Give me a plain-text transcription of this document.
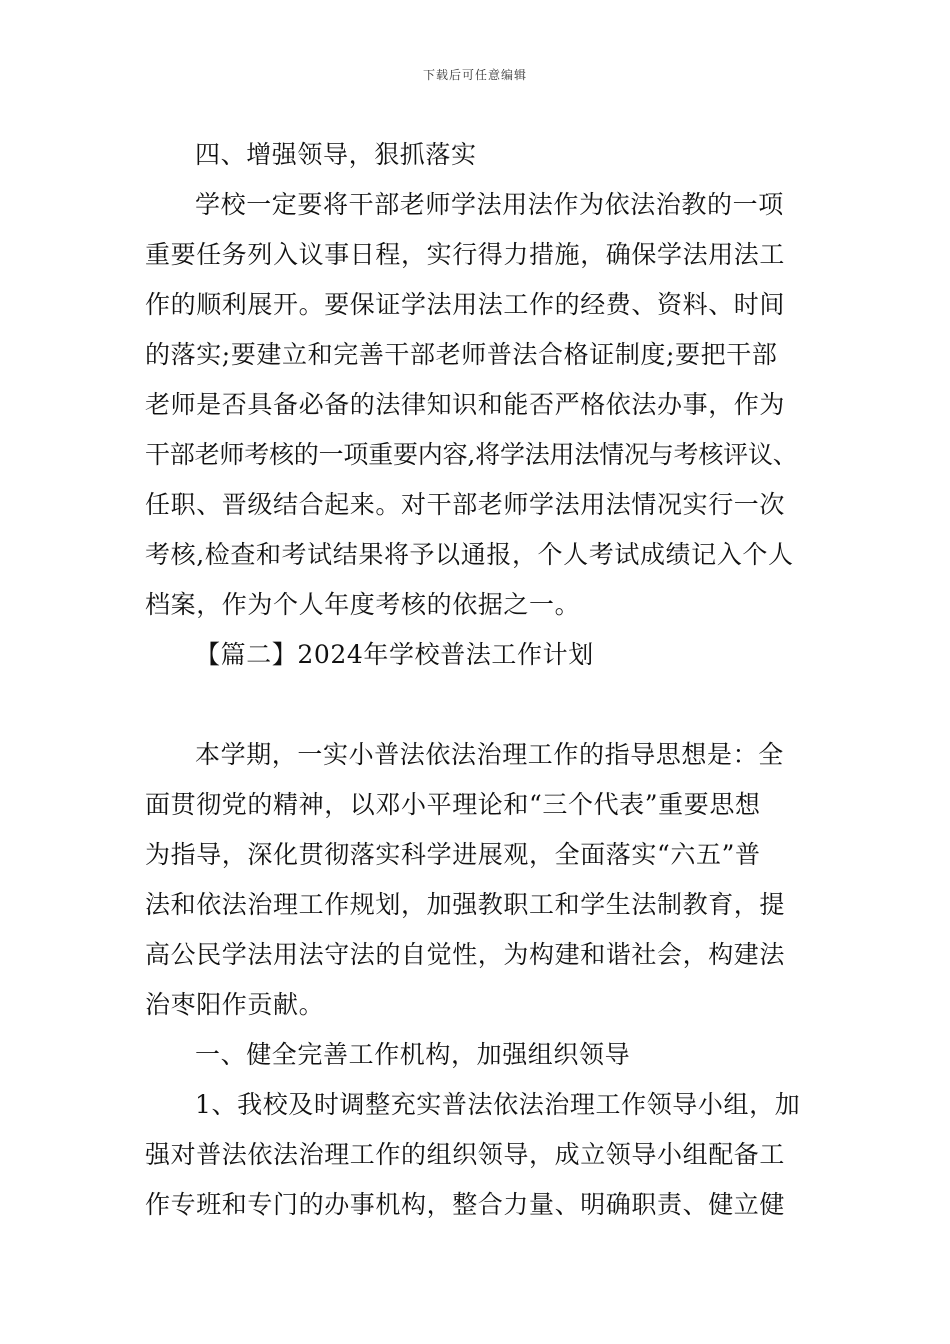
下载后可任意编辑

四、增强领导，狠抓落实

学校一定要将干部老师学法用法作为依法治教的一项
重要任务列入议事日程，实行得力措施，确保学法用法工
作的顺利展开。要保证学法用法工作的经费、资料、时间
的落实;要建立和完善干部老师普法合格证制度;要把干部
老师是否具备必备的法律知识和能否严格依法办事，作为
干部老师考核的一项重要内容,将学法用法情况与考核评议、
任职、晋级结合起来。对干部老师学法用法情况实行一次
考核,检查和考试结果将予以通报，个人考试成绩记入个人
档案，作为个人年度考核的依据之一。

【篇二】2024年学校普法工作计划

本学期，一实小普法依法治理工作的指导思想是：全
面贯彻党的精神，以邓小平理论和“三个代表”重要思想
为指导，深化贯彻落实科学进展观，全面落实“六五”普
法和依法治理工作规划，加强教职工和学生法制教育，提
高公民学法用法守法的自觉性，为构建和谐社会，构建法
治枣阳作贡献。

一、健全完善工作机构，加强组织领导

1、我校及时调整充实普法依法治理工作领导小组，加
强对普法依法治理工作的组织领导，成立领导小组配备工
作专班和专门的办事机构，整合力量、明确职责、健立健
